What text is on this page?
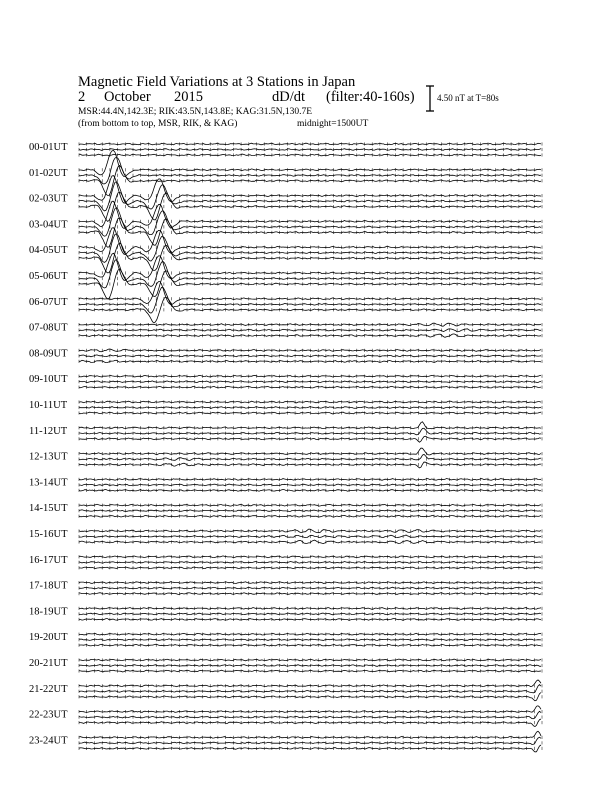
Magnetic Field Variations at 3 Stations in Japan
2 October 2015	dD/dt (filter:40-160s)
MSR:44.4N,142.3E; RIK:43.5N,143.8E; KAG:31.5N,130.7E
(from bottom to top, MSR, RIK, & KAG)	midnight=1500UT
4.50 nT at T=80s
00-01UT
01-02UT
02-03UT
03-04UT
04-05UT
05-06UT
06-07UT
07-08UT
08-09UT
09-10UT
10-11UT
11-12UT
12-13UT
13-14UT
14-15UT
15-16UT
16-17UT
17-18UT
18-19UT
19-20UT
20-21UT
21-22UT
22-23UT
23-24UT
